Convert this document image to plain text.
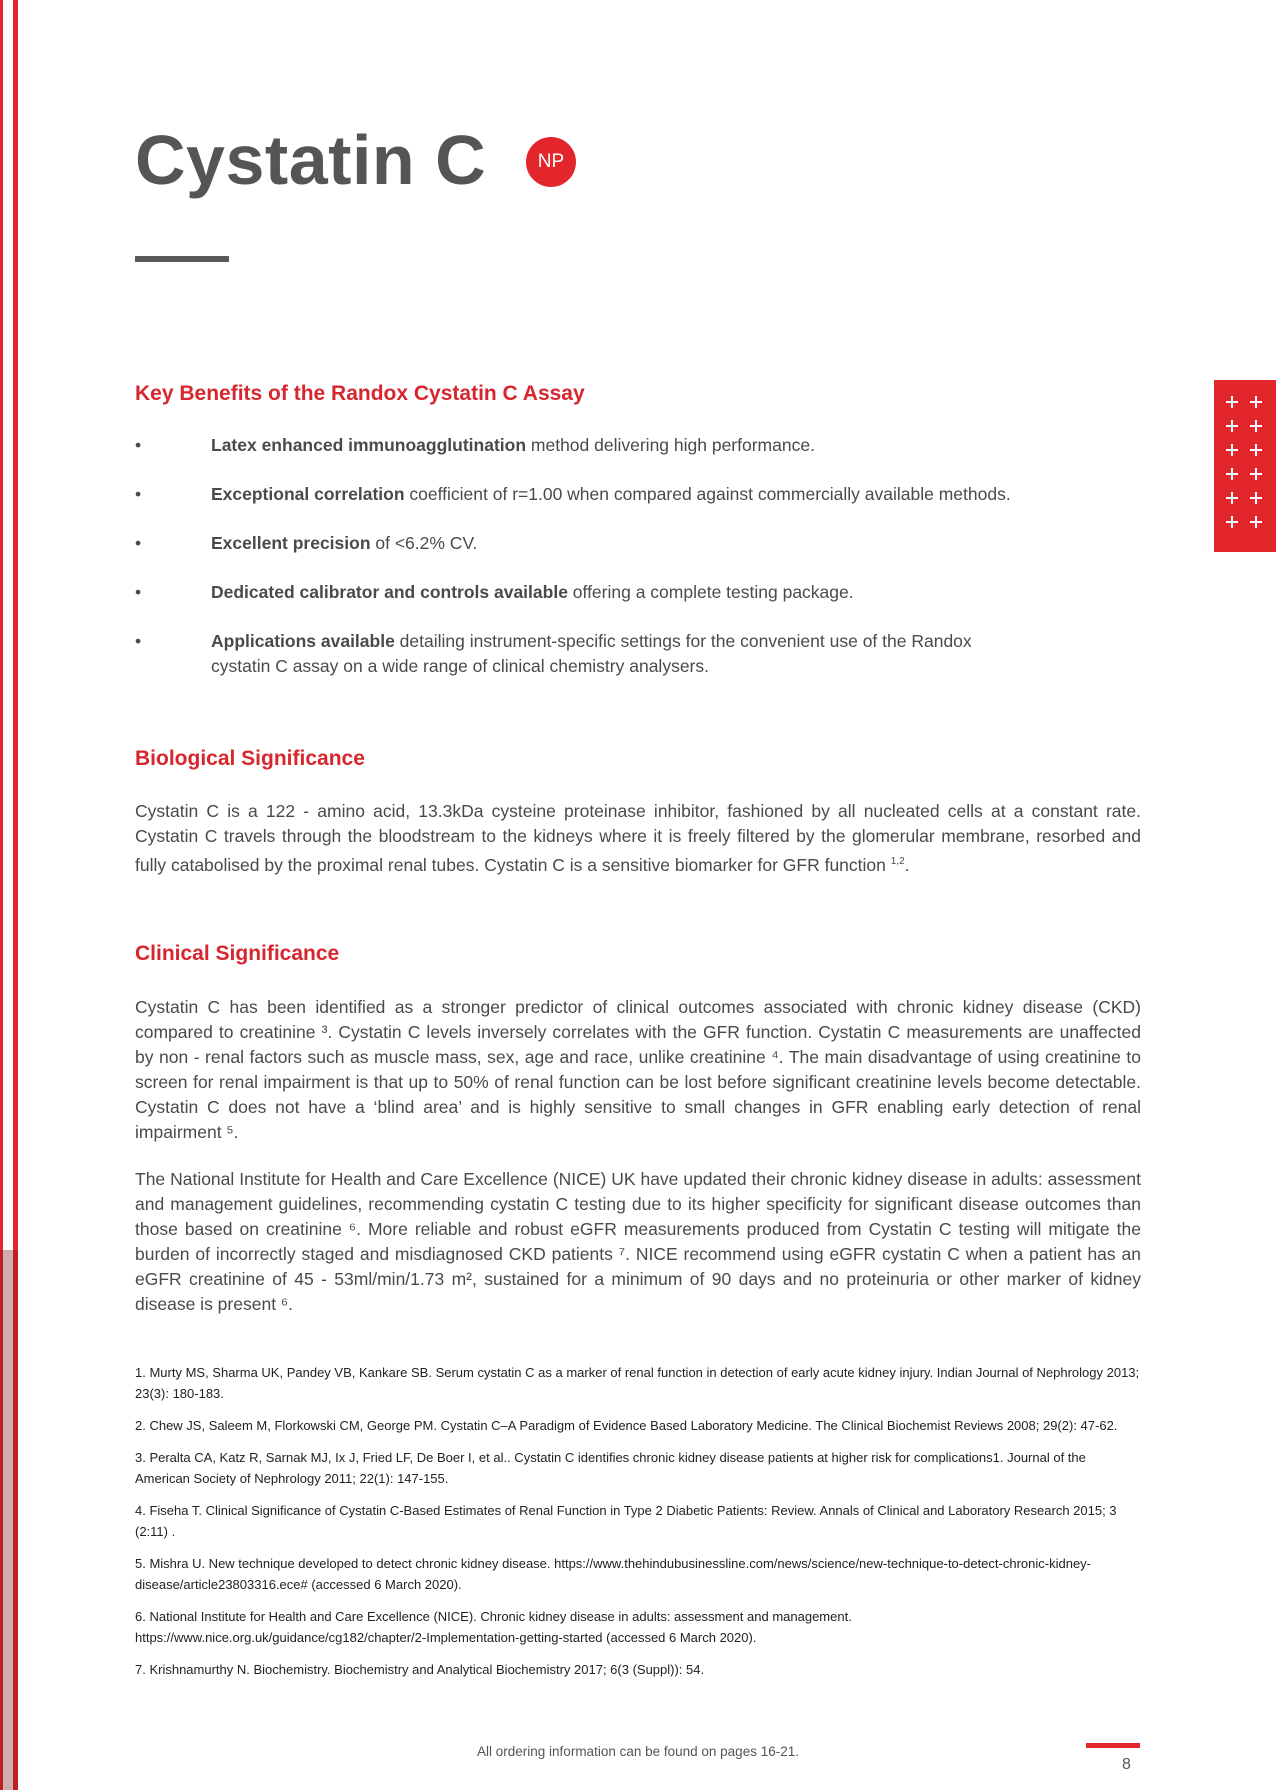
Cystatin C	NP
Key Benefits of the Randox Cystatin C Assay
•	Latex enhanced immunoagglutination method delivering high performance.
•	Exceptional correlation coefficient of r=1.00 when compared against commercially available methods.
•	Excellent precision of <6.2% CV.
•	Dedicated calibrator and controls available offering a complete testing package.
•	Applications available detailing instrument-specific settings for the convenient use of the Randox cystatin C assay on a wide range of clinical chemistry analysers.
Biological Significance

Cystatin C is a 122 - amino acid, 13.3kDa cysteine proteinase inhibitor, fashioned by all nucleated cells at a constant rate. Cystatin C travels through the bloodstream to the kidneys where it is freely filtered by the glomerular membrane, resorbed and fully catabolised by the proximal renal tubes. Cystatin C is a sensitive biomarker for GFR function $^{1,2}$.

Clinical Significance

Cystatin C has been identified as a stronger predictor of clinical outcomes associated with chronic kidney disease (CKD) compared to creatinine ³. Cystatin C levels inversely correlates with the GFR function. Cystatin C measurements are unaffected by non - renal factors such as muscle mass, sex, age and race, unlike creatinine ⁴. The main disadvantage of using creatinine to screen for renal impairment is that up to 50% of renal function can be lost before significant creatinine levels become detectable. Cystatin C does not have a ‘blind area’ and is highly sensitive to small changes in GFR enabling early detection of renal impairment ⁵.

The National Institute for Health and Care Excellence (NICE) UK have updated their chronic kidney disease in adults: assessment and management guidelines, recommending cystatin C testing due to its higher specificity for significant disease outcomes than those based on creatinine ⁶. More reliable and robust eGFR measurements produced from Cystatin C testing will mitigate the burden of incorrectly staged and misdiagnosed CKD patients ⁷. NICE recommend using eGFR cystatin C when a patient has an eGFR creatinine of 45 - 53ml/min/1.73 m², sustained for a minimum of 90 days and no proteinuria or other marker of kidney disease is present ⁶.

1. Murty MS, Sharma UK, Pandey VB, Kankare SB. Serum cystatin C as a marker of renal function in detection of early acute kidney injury. Indian Journal of Nephrology 2013; 23(3): 180-183.
2. Chew JS, Saleem M, Florkowski CM, George PM. Cystatin C–A Paradigm of Evidence Based Laboratory Medicine. The Clinical Biochemist Reviews 2008; 29(2): 47-62.
3. Peralta CA, Katz R, Sarnak MJ, Ix J, Fried LF, De Boer I, et al.. Cystatin C identifies chronic kidney disease patients at higher risk for complications1. Journal of the American Society of Nephrology 2011; 22(1): 147-155.
4. Fiseha T. Clinical Significance of Cystatin C-Based Estimates of Renal Function in Type 2 Diabetic Patients: Review. Annals of Clinical and Laboratory Research 2015; 3 (2:11) .
5. Mishra U. New technique developed to detect chronic kidney disease. https://www.thehindubusinessline.com/news/science/new-technique-to-detect-chronic-kidney-disease/article23803316.ece# (accessed 6 March 2020).
6. National Institute for Health and Care Excellence (NICE). Chronic kidney disease in adults: assessment and management. https://www.nice.org.uk/guidance/cg182/chapter/2-Implementation-getting-started (accessed 6 March 2020).
7. Krishnamurthy N. Biochemistry. Biochemistry and Analytical Biochemistry 2017; 6(3 (Suppl)): 54.
All ordering information can be found on pages 16-21.
8
